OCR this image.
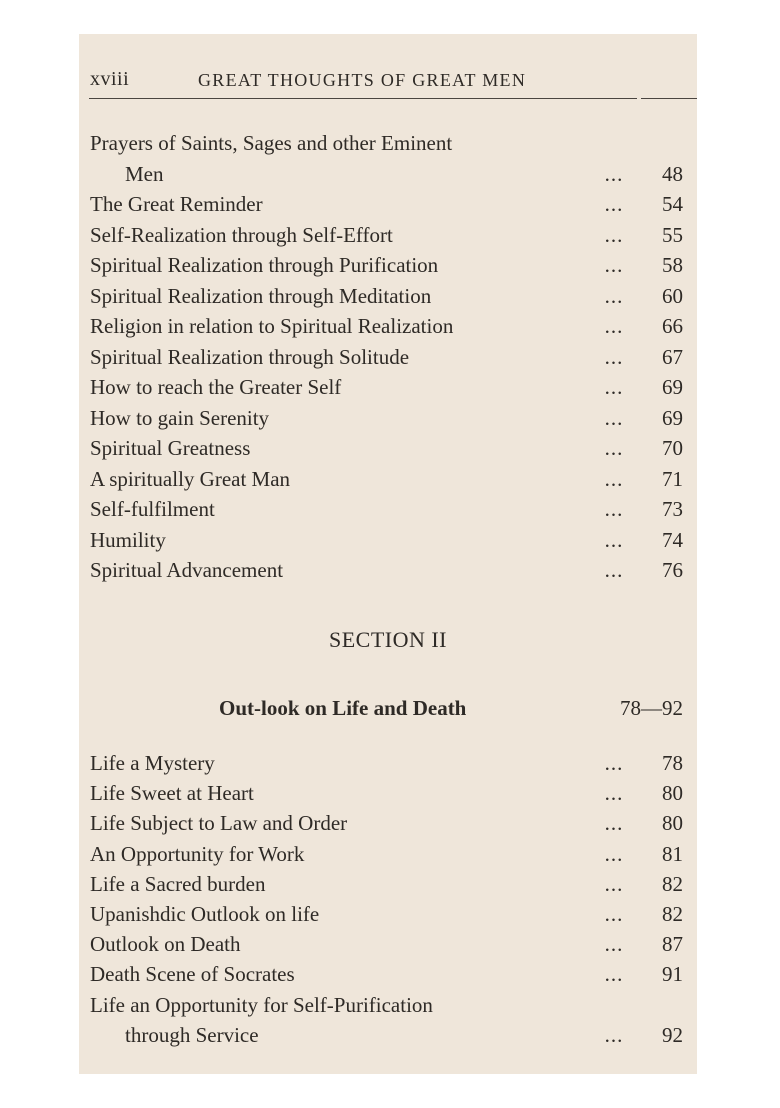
xviii	GREAT THOUGHTS OF GREAT MEN
SECTION II
Out-look on Life and Death	78—92
Prayers of Saints, Sages and other Eminent
Men	... 48
The Great Reminder	... 54
Self-Realization through Self-Effort	... 55
Spiritual Realization through Purification	... 58
Spiritual Realization through Meditation	... 60
Religion in relation to Spiritual Realization	... 66
Spiritual Realization through Solitude	... 67
How to reach the Greater Self	... 69
How to gain Serenity	... 69
Spiritual Greatness	... 70
A spiritually Great Man	... 71
Self-fulfilment	... 73
Humility	... 74
Spiritual Advancement	... 76
Life a Mystery	... 78
Life Sweet at Heart	... 80
Life Subject to Law and Order	... 80
An Opportunity for Work	... 81
Life a Sacred burden	... 82
Upanishdic Outlook on life	... 82
Outlook on Death	... 87
Death Scene of Socrates	... 91
Life an Opportunity for Self-Purification
through Service	... 92
